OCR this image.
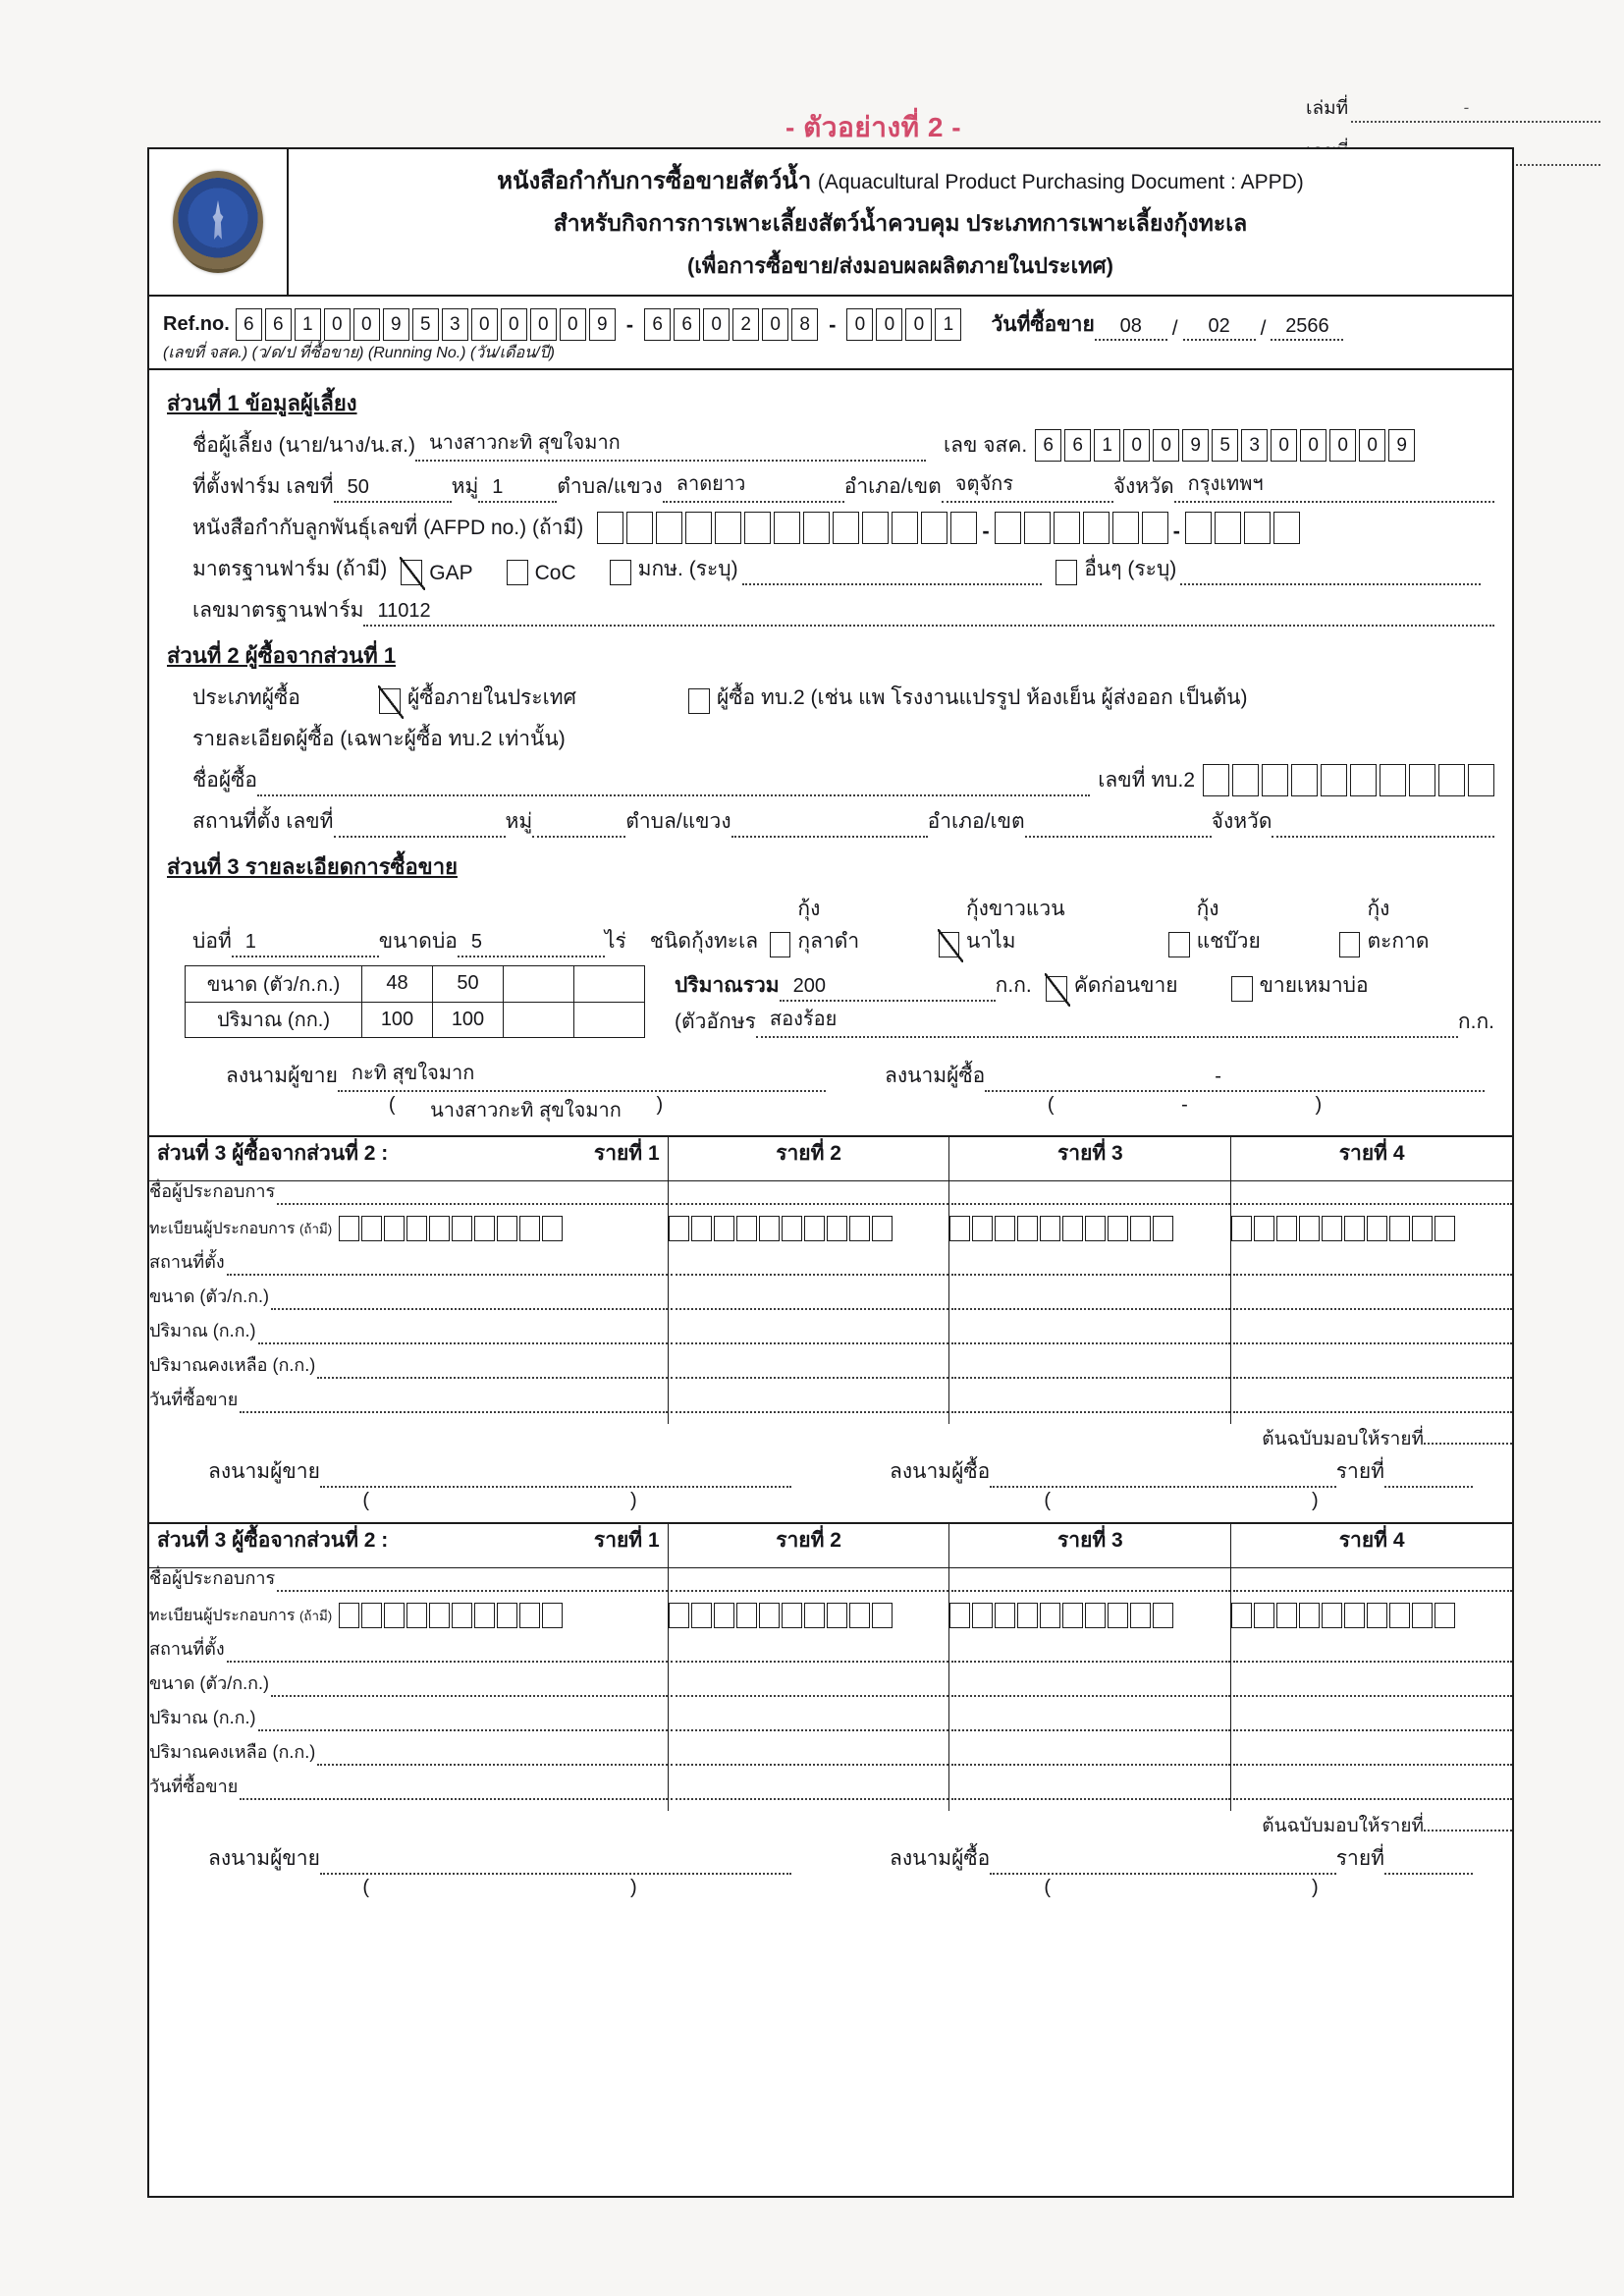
- ตัวอย่างที่ 2 -
เล่มที่	-
หนังสือกำกับการซื้อขายสัตว์น้ำ (Aquacultural Product Purchasing Document : APPD)
สำหรับกิจการการเพาะเลี้ยงสัตว์น้ำควบคุม ประเภทการเพาะเลี้ยงกุ้งทะเล
(เพื่อการซื้อขาย/ส่งมอบผลผลิตภายในประเทศ)
Ref.no. 6	6	1	0	0	9	5	3	0	0	0	0	9 -	6	6	0	2	0	8 -	0	0	0	1	วันที่ซื้อขาย	08	/	02	/ 2566
(เลขที่ จสค.) (ว/ด/ป ที่ซื้อขาย) (Running No.) (วัน/เดือน/ปี)
ส่วนที่ 1 ข้อมูลผู้เลี้ยง
ชื่อผู้เลี้ยง (นาย/นาง/น.ส.) นางสาวกะทิ สุขใจมาก	เลข จสค. 6	6	1	0	0	9	5	3	0	0	0	0	9
ที่ตั้งฟาร์ม เลขที่ 50	หมู่ 1	ตำบล/แขวง ลาดยาว	อำเภอ/เขต จตุจักร	จังหวัด กรุงเทพฯ
หนังสือกำกับลูกพันธุ์เลขที่ (AFPD no.) (ถ้ามี)	-	-
มาตรฐานฟาร์ม (ถ้ามี) GAP	CoC	มกษ. (ระบุ)	อื่นๆ (ระบุ)
เลขมาตรฐานฟาร์ม 11012
ส่วนที่ 2 ผู้ซื้อจากส่วนที่ 1
ประเภทผู้ซื้อ	ผู้ซื้อภายในประเทศ	ผู้ซื้อ ทบ.2 (เช่น แพ โรงงานแปรรูป ห้องเย็น ผู้ส่งออก เป็นต้น)
รายละเอียดผู้ซื้อ (เฉพาะผู้ซื้อ ทบ.2 เท่านั้น)
ชื่อผู้ซื้อ	เลขที่ ทบ.2
สถานที่ตั้ง เลขที่	หมู่	ตำบล/แขวง	อำเภอ/เขต	จังหวัด
ส่วนที่ 3 รายละเอียดการซื้อขาย
บ่อที่ 1	ขนาดบ่อ 5	ไร่ ชนิดกุ้งทะเล
กุ้งกุลาดำ
กุ้งขาวแวนนาไม
กุ้งแชบ๊วย
กุ้งตะกาด
ขนาด (ตัว/ก.ก.)	48	50		
ปริมาณ (กก.)	100	100		
ปริมาณรวม 200	ก.ก. คัดก่อนขาย	ขายเหมาบ่อ
(ตัวอักษร สองร้อย	ก.ก.
ลงนามผู้ขาย กะทิ สุขใจมาก
(	นางสาวกะทิ สุขใจมาก	)
ลงนามผู้ซื้อ	-
(	-	)
ส่วนที่ 3 ผู้ซื้อจากส่วนที่ 2 : รายที่ 1	รายที่ 2	รายที่ 3	รายที่ 4

ชื่อผู้ประกอบการ
ทะเบียนผู้ประกอบการ (ถ้ามี)
สถานที่ตั้ง
ขนาด (ตัว/ก.ก.)
ปริมาณ (ก.ก.)
ปริมาณคงเหลือ (ก.ก.)
วันที่ซื้อขาย

ต้นฉบับมอบให้รายที่
ลงนามผู้ขาย
(	)
ลงนามผู้ซื้อ	รายที่
(	)
ส่วนที่ 3 ผู้ซื้อจากส่วนที่ 2 : รายที่ 1	รายที่ 2	รายที่ 3	รายที่ 4

ชื่อผู้ประกอบการ
ทะเบียนผู้ประกอบการ (ถ้ามี)
สถานที่ตั้ง
ขนาด (ตัว/ก.ก.)
ปริมาณ (ก.ก.)
ปริมาณคงเหลือ (ก.ก.)
วันที่ซื้อขาย

ต้นฉบับมอบให้รายที่
ลงนามผู้ขาย
(	)
ลงนามผู้ซื้อ	รายที่
(	)
